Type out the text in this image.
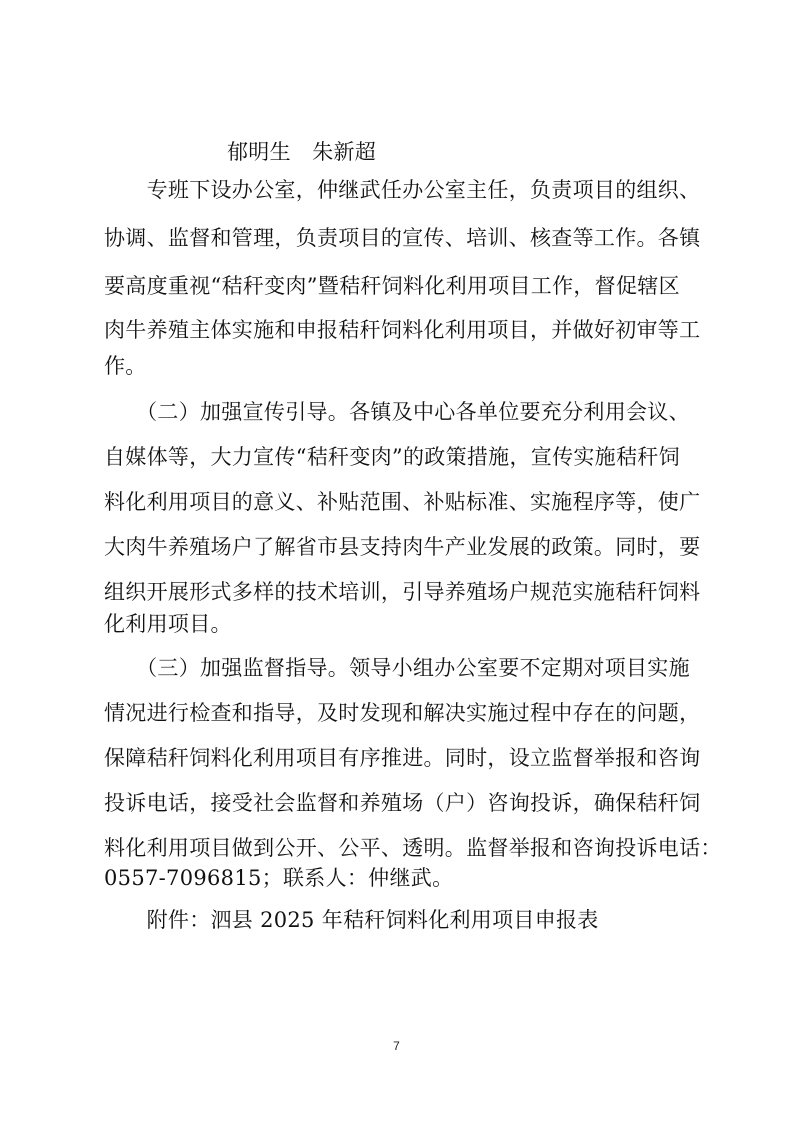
郁明生　朱新超
　　专班下设办公室，仲继武任办公室主任，负责项目的组织、
协调、监督和管理，负责项目的宣传、培训、核查等工作。各镇
要高度重视“秸秆变肉”暨秸秆饲料化利用项目工作，督促辖区
肉牛养殖主体实施和申报秸秆饲料化利用项目，并做好初审等工
作。
　　（二）加强宣传引导。各镇及中心各单位要充分利用会议、
自媒体等，大力宣传“秸秆变肉”的政策措施，宣传实施秸秆饲
料化利用项目的意义、补贴范围、补贴标准、实施程序等，使广
大肉牛养殖场户了解省市县支持肉牛产业发展的政策。同时，要
组织开展形式多样的技术培训，引导养殖场户规范实施秸秆饲料
化利用项目。
　　（三）加强监督指导。领导小组办公室要不定期对项目实施
情况进行检查和指导，及时发现和解决实施过程中存在的问题，
保障秸秆饲料化利用项目有序推进。同时，设立监督举报和咨询
投诉电话，接受社会监督和养殖场（户）咨询投诉，确保秸秆饲
料化利用项目做到公开、公平、透明。监督举报和咨询投诉电话：
0557-7096815；联系人：仲继武。
　　附件：泗县 2025 年秸秆饲料化利用项目申报表
7
